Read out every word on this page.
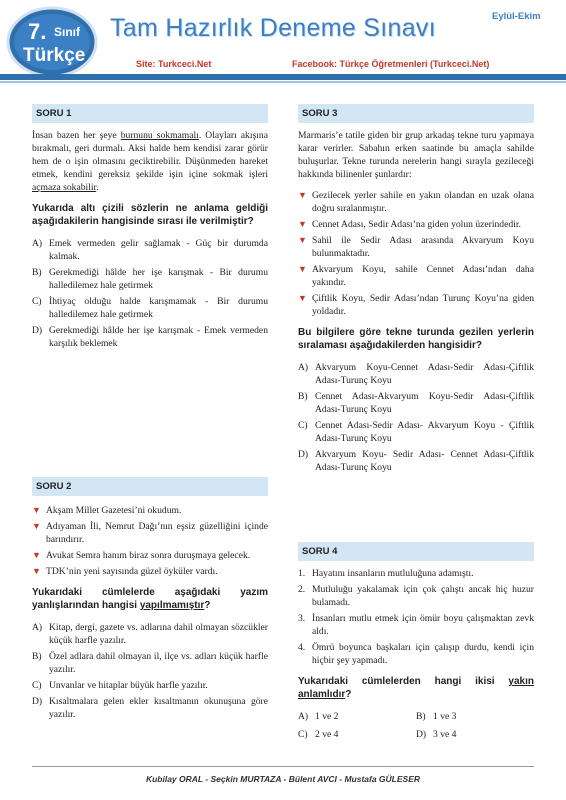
7. Sınıf
Türkçe
Tam Hazırlık Deneme Sınavı	Eylül-Ekim
Site: Turkceci.Net	Facebook: Türkçe Öğretmenleri (Turkceci.Net)
SORU 1

İnsan bazen her şeye burnunu sokmamalı. Olayları akışına bırakmalı, geri durmalı. Aksi halde hem kendisi zarar görür hem de o işin olmasını geciktirebilir. Düşünmeden hareket etmek, kendini gereksiz şekilde işin içine sokmak işleri açmaza sokabilir.

Yukarıda altı çizili sözlerin ne anlama geldiği aşağıdakilerin hangisinde sırası ile verilmiştir?
A) Emek vermeden gelir sağlamak - Güç bir durumda kalmak.
B) Gerekmediği hâlde her işe karışmak - Bir durumu halledilemez hale getirmek
C) İhtiyaç olduğu halde karışmamak - Bir durumu halledilemez hale getirmek
D) Gerekmediği hâlde her işe karışmak - Emek vermeden karşılık beklemek
SORU 2
▼ Akşam Millet Gazetesi’ni okudum.
▼ Adıyaman İli, Nemrut Dağı’nın eşsiz güzelliğini içinde barındırır.
▼ Avukat Semra hanım biraz sonra duruşmaya gelecek.
▼ TDK’nin yeni sayısında güzel öyküler vardı.
Yukarıdaki cümlelerde aşağıdaki yazım yanlışlarından hangisi yapılmamıştır?
A) Kitap, dergi, gazete vs. adlarına dahil olmayan sözcükler küçük harfle yazılır.
B) Özel adlara dahil olmayan il, ilçe vs. adları küçük harfle yazılır.
C) Unvanlar ve hitaplar büyük harfle yazılır.
D) Kısaltmalara gelen ekler kısaltmanın okunuşuna göre yazılır.
SORU 3

Marmaris’e tatile giden bir grup arkadaş tekne turu yapmaya karar verirler. Sabahın erken saatinde bu amaçla sahilde buluşurlar. Tekne turunda nerelerin hangi sırayla gezileceği hakkında bilinenler şunlardır:

▼ Gezilecek yerler sahile en yakın olandan en uzak olana doğru sıralanmıştır.
▼ Cennet Adası, Sedir Adası’na giden yolun üzerindedir.
▼ Sahil ile Sedir Adası arasında Akvaryum Koyu bulunmaktadır.
▼ Akvaryum Koyu, sahile Cennet Adası’ndan daha yakındır.
▼ Çiftlik Koyu, Sedir Adası’ndan Turunç Koyu’na giden yoldadır.
Bu bilgilere göre tekne turunda gezilen yerlerin sıralaması aşağıdakilerden hangisidir?
A) Akvaryum Koyu-Cennet Adası-Sedir Adası-Çiftlik Adası-Turunç Koyu
B) Cennet Adası-Akvaryum Koyu-Sedir Adası-Çiftlik Adası-Turunç Koyu
C) Cennet Adası-Sedir Adası- Akvaryum Koyu - Çiftlik Adası-Turunç Koyu
D) Akvaryum Koyu- Sedir Adası- Cennet Adası-Çiftlik Adası-Turunç Koyu
SORU 4
1. Hayatını insanların mutluluğuna adamıştı.
2. Mutluluğu yakalamak için çok çalıştı ancak hiç huzur bulamadı.
3. İnsanları mutlu etmek için ömür boyu çalışmaktan zevk aldı.
4. Ömrü boyunca başkaları için çalışıp durdu, kendi için hiçbir şey yapmadı.
Yukarıdaki cümlelerden hangi ikisi yakın anlamlıdır?
A) 1 ve 2	B) 1 ve 3
C) 2 ve 4	D) 3 ve 4
Kubilay ORAL - Seçkin MURTAZA - Bülent AVCI - Mustafa GÜLESER
